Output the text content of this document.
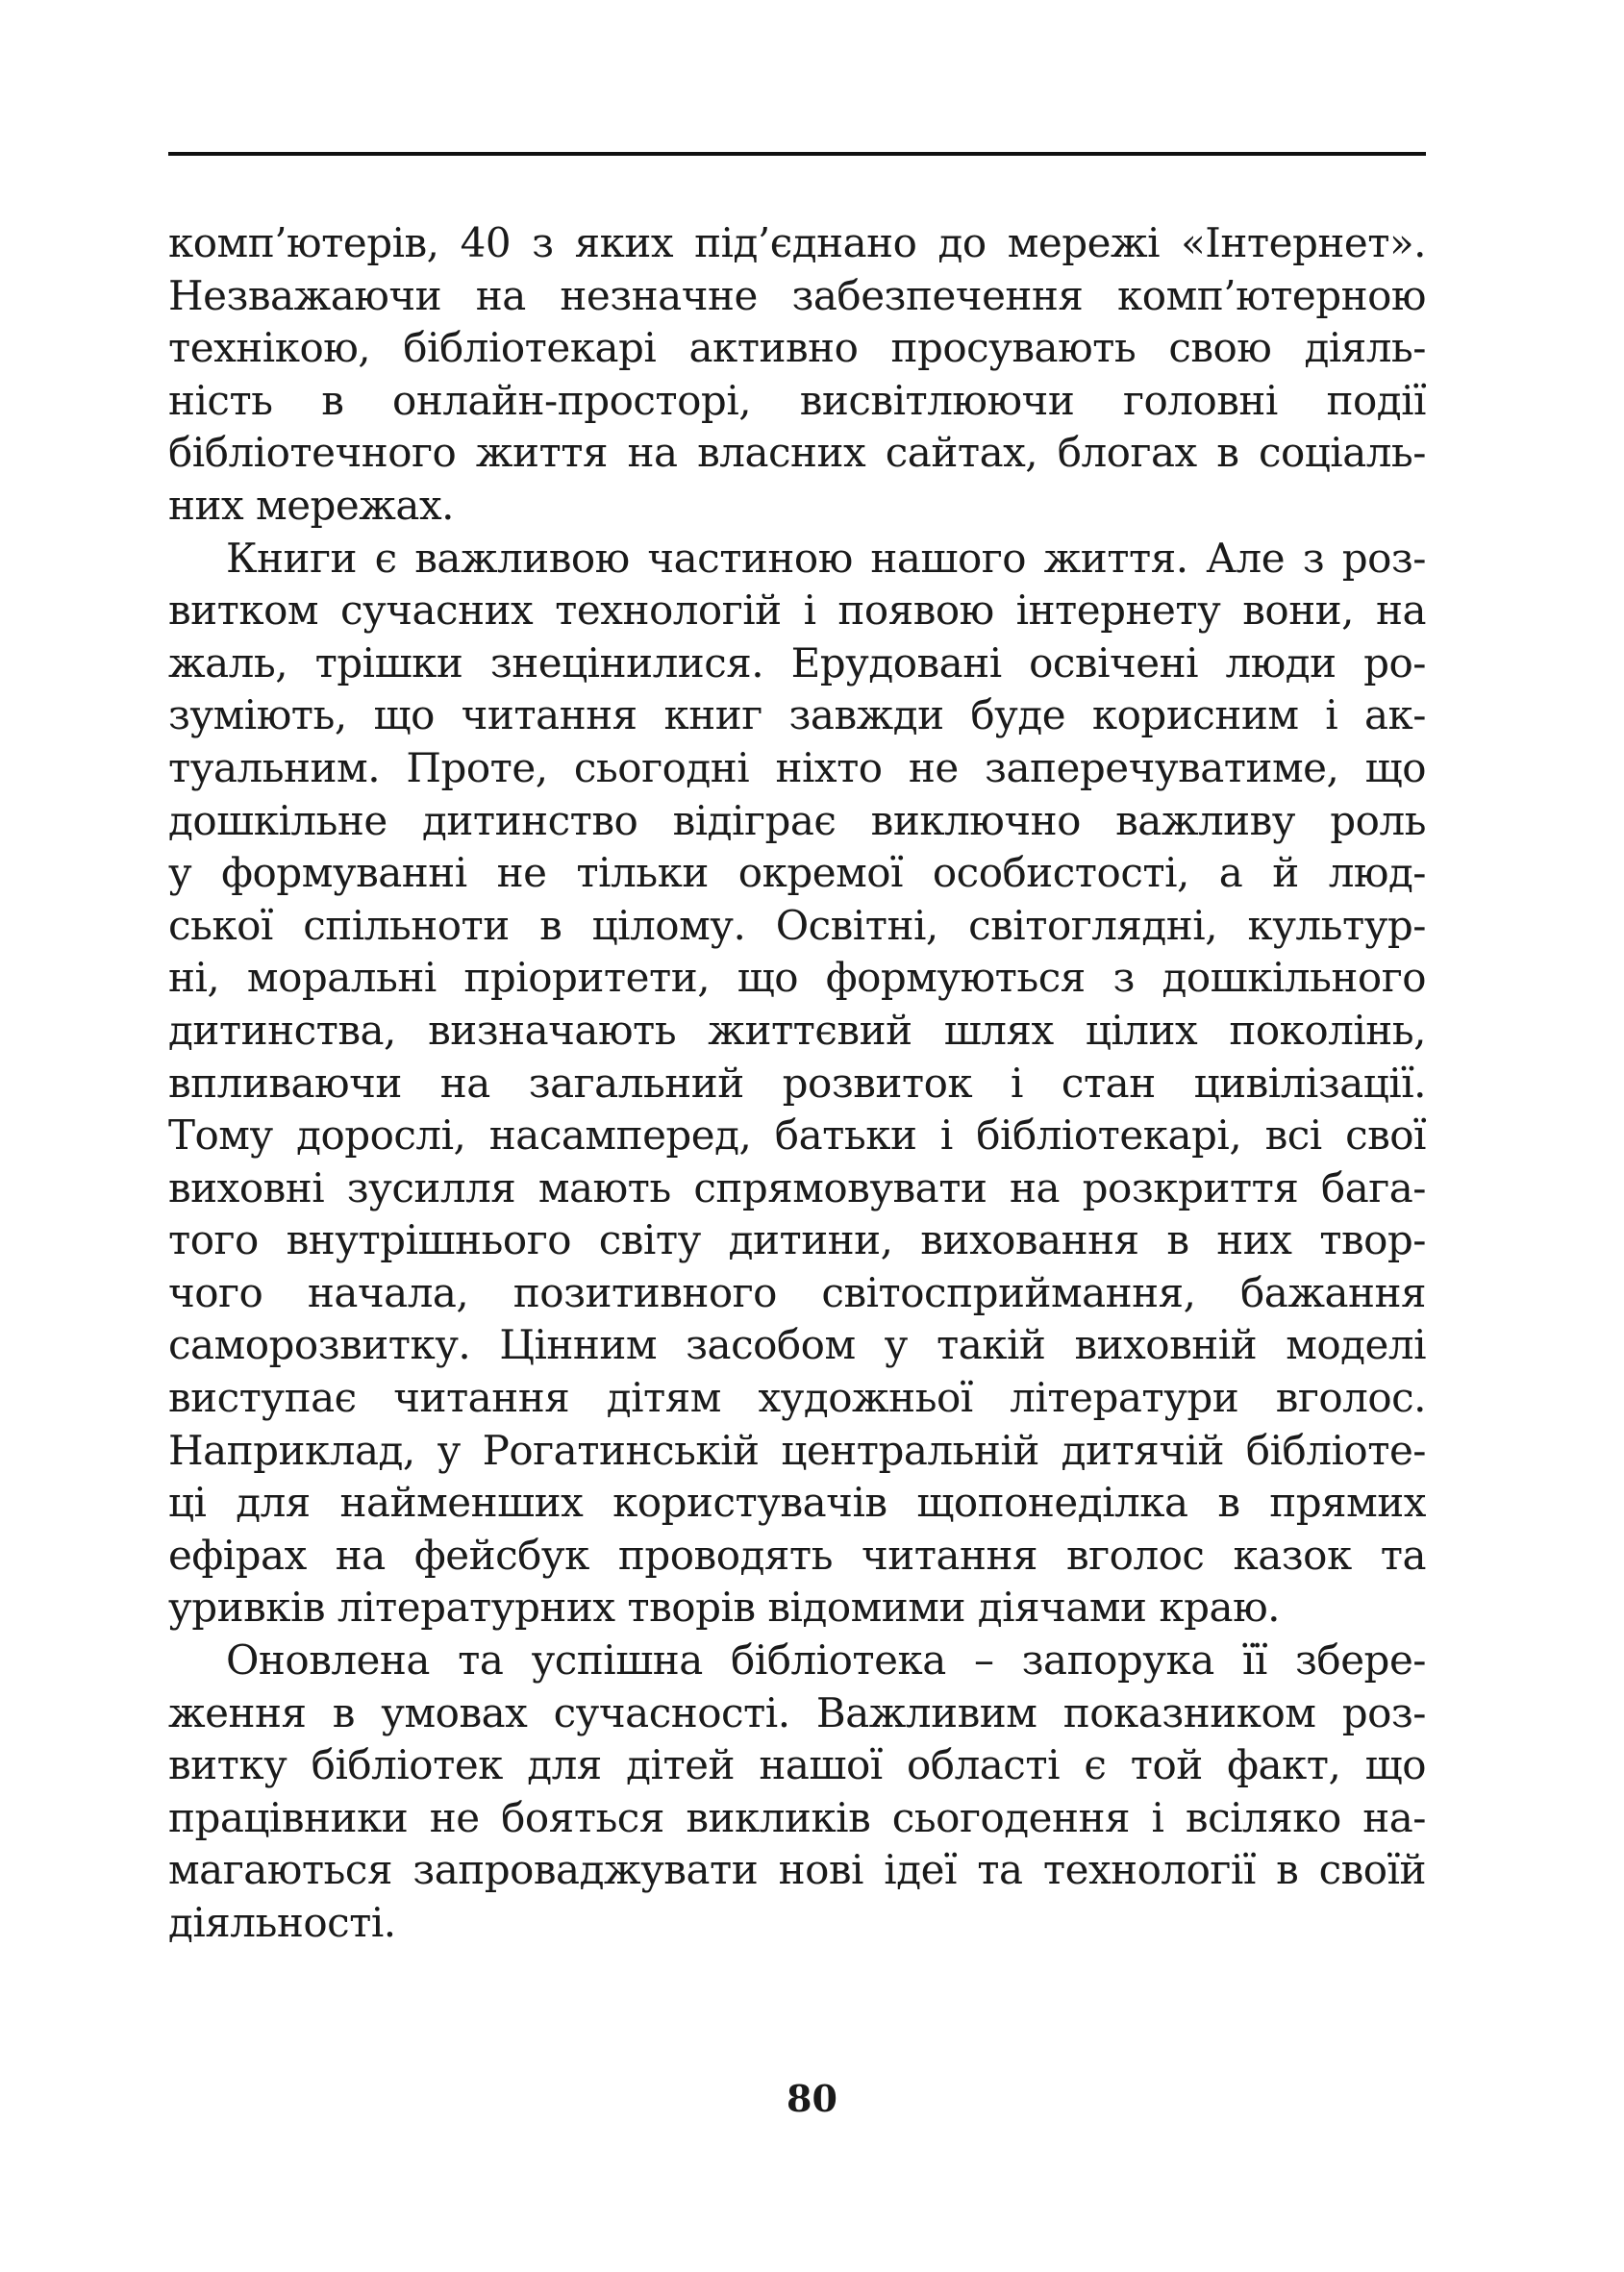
комп’ютерів, 40 з яких під’єднано до мережі «Інтернет».
Незважаючи на незначне забезпечення комп’ютерною
технікою, бібліотекарі активно просувають свою діяль-
ність в онлайн-просторі, висвітлюючи головні події
бібліотечного життя на власних сайтах, блогах в соціаль-
них мережах.
Книги є важливою частиною нашого життя. Але з роз-
витком сучасних технологій і появою інтернету вони, на
жаль, трішки знецінилися. Ерудовані освічені люди ро-
зуміють, що читання книг завжди буде корисним і ак-
туальним. Проте, сьогодні ніхто не заперечуватиме, що
дошкільне дитинство відіграє виключно важливу роль
у формуванні не тільки окремої особистості, а й люд-
ської спільноти в цілому. Освітні, світоглядні, культур-
ні, моральні пріоритети, що формуються з дошкільного
дитинства, визначають життєвий шлях цілих поколінь,
впливаючи на загальний розвиток і стан цивілізації.
Тому дорослі, насамперед, батьки і бібліотекарі, всі свої
виховні зусилля мають спрямовувати на розкриття бага-
того внутрішнього світу дитини, виховання в них твор-
чого начала, позитивного світосприймання, бажання
саморозвитку. Цінним засобом у такій виховній моделі
виступає читання дітям художньої літератури вголос.
Наприклад, у Рогатинській центральній дитячій бібліоте-
ці для найменших користувачів щопонеділка в прямих
ефірах на фейсбук проводять читання вголос казок та
уривків літературних творів відомими діячами краю.
Оновлена та успішна бібліотека – запорука її збере-
ження в умовах сучасності. Важливим показником роз-
витку бібліотек для дітей нашої області є той факт, що
працівники не бояться викликів сьогодення і всіляко на-
магаються запроваджувати нові ідеї та технології в своїй
діяльності.
80
